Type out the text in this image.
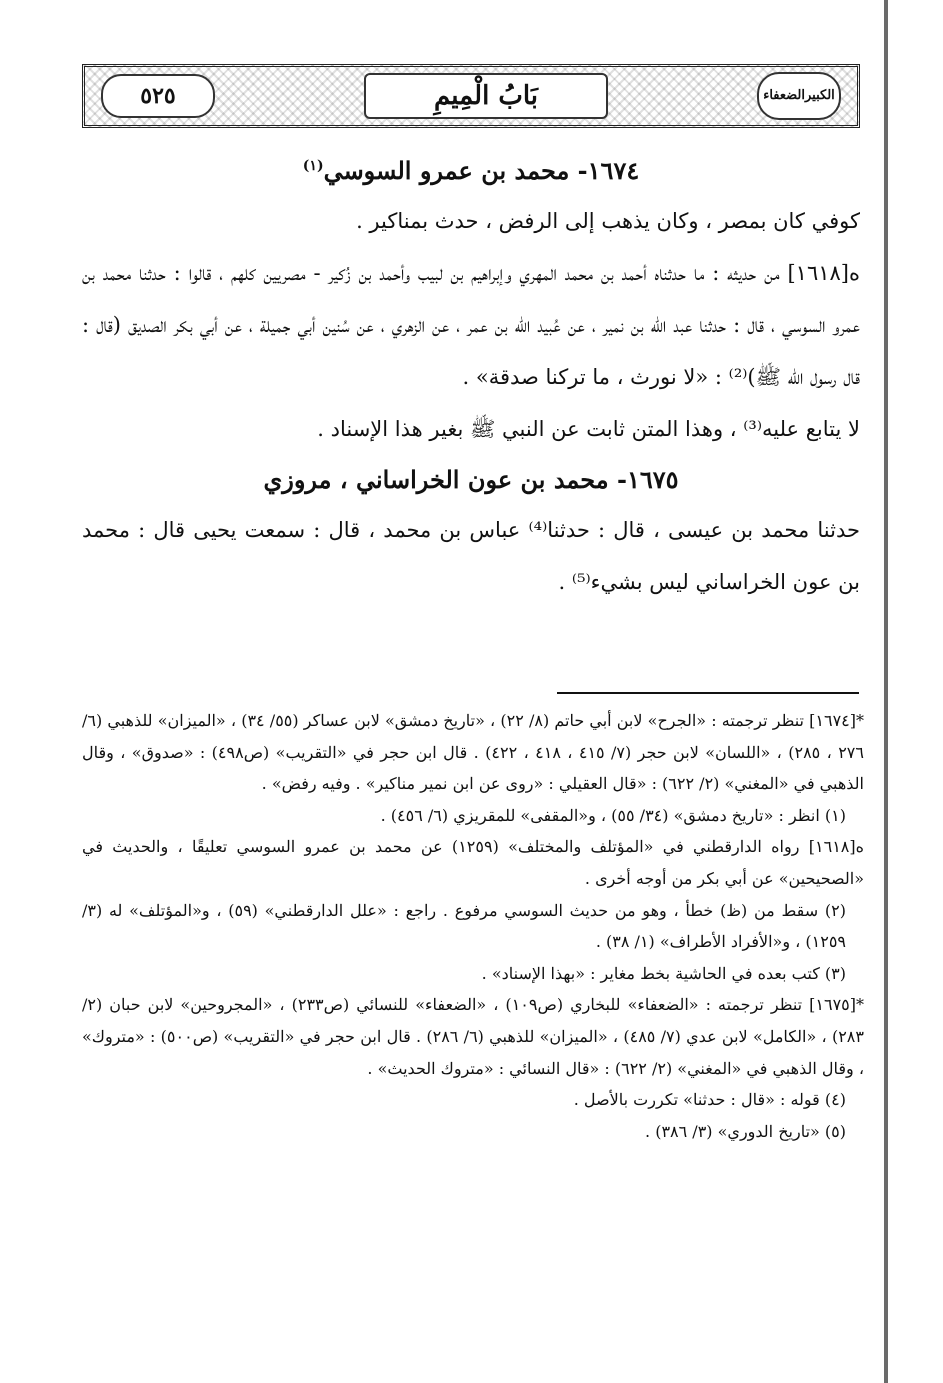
٥٢٥	بَابُ الْمِيمِ	الضعفاء الكبير
١٦٧٤- محمد بن عمرو السوسي$^{(١)}$

كوفي كان بمصر ، وكان يذهب إلى الرفض ، حدث بمناكير .

ه[١٦١٨] من حديثه : ما حدثناه أحمد بن محمد المهري وإبراهيم بن لبيب وأحمد بن زُكير - مصريين كلهم ، قالوا : حدثنا محمد بن عمرو السوسي ، قال : حدثنا عبد الله بن نمير ، عن عُبيد الله بن عمر ، عن الزهري ، عن سُنين أبي جميلة ، عن أبي بكر الصديق (قال : قال رسول الله ﷺ)⁽²⁾ : «لا نورث ، ما تركنا صدقة» .

لا يتابع عليه⁽³⁾ ، وهذا المتن ثابت عن النبي ﷺ بغير هذا الإسناد .

١٦٧٥- محمد بن عون الخراساني ، مروزي

حدثنا محمد بن عيسى ، قال : حدثنا⁽⁴⁾ عباس بن محمد ، قال : سمعت يحيى قال : محمد بن عون الخراساني ليس بشيء⁽⁵⁾ .

*[١٦٧٤] تنظر ترجمته : «الجرح» لابن أبي حاتم (٨/ ٢٢) ، «تاريخ دمشق» لابن عساكر (٥٥/ ٣٤) ، «الميزان» للذهبي (٦/ ٢٧٦ ، ٢٨٥) ، «اللسان» لابن حجر (٧/ ٤١٥ ، ٤١٨ ، ٤٢٢) . قال ابن حجر في «التقريب» (ص٤٩٨) : «صدوق» ، وقال الذهبي في «المغني» (٢/ ٦٢٢) : «قال العقيلي : «روى عن ابن نمير مناكير» . وفيه رفض» .

(١) انظر : «تاريخ دمشق» (٣٤/ ٥٥) ، و«المقفى» للمقريزي (٦/ ٤٥٦) .

ه[١٦١٨] رواه الدارقطني في «المؤتلف والمختلف» (١٢٥٩) عن محمد بن عمرو السوسي تعليقًا ، والحديث في «الصحيحين» عن أبي بكر من أوجه أخرى .

(٢) سقط من (ظ) خطأ ، وهو من حديث السوسي مرفوع . راجع : «علل الدارقطني» (٥٩) ، و«المؤتلف» له (٣/ ١٢٥٩) ، و«الأفراد الأطراف» (١/ ٣٨) .

(٣) كتب بعده في الحاشية بخط مغاير : «بهذا الإسناد» .

*[١٦٧٥] تنظر ترجمته : «الضعفاء» للبخاري (ص١٠٩) ، «الضعفاء» للنسائي (ص٢٣٣) ، «المجروحين» لابن حبان (٢/ ٢٨٣) ، «الكامل» لابن عدي (٧/ ٤٨٥) ، «الميزان» للذهبي (٦/ ٢٨٦) . قال ابن حجر في «التقريب» (ص٥٠٠) : «متروك» ، وقال الذهبي في «المغني» (٢/ ٦٢٢) : «قال النسائي : «متروك الحديث» .

(٤) قوله : «قال : حدثنا» تكررت بالأصل .

(٥) «تاريخ الدوري» (٣/ ٣٨٦) .
